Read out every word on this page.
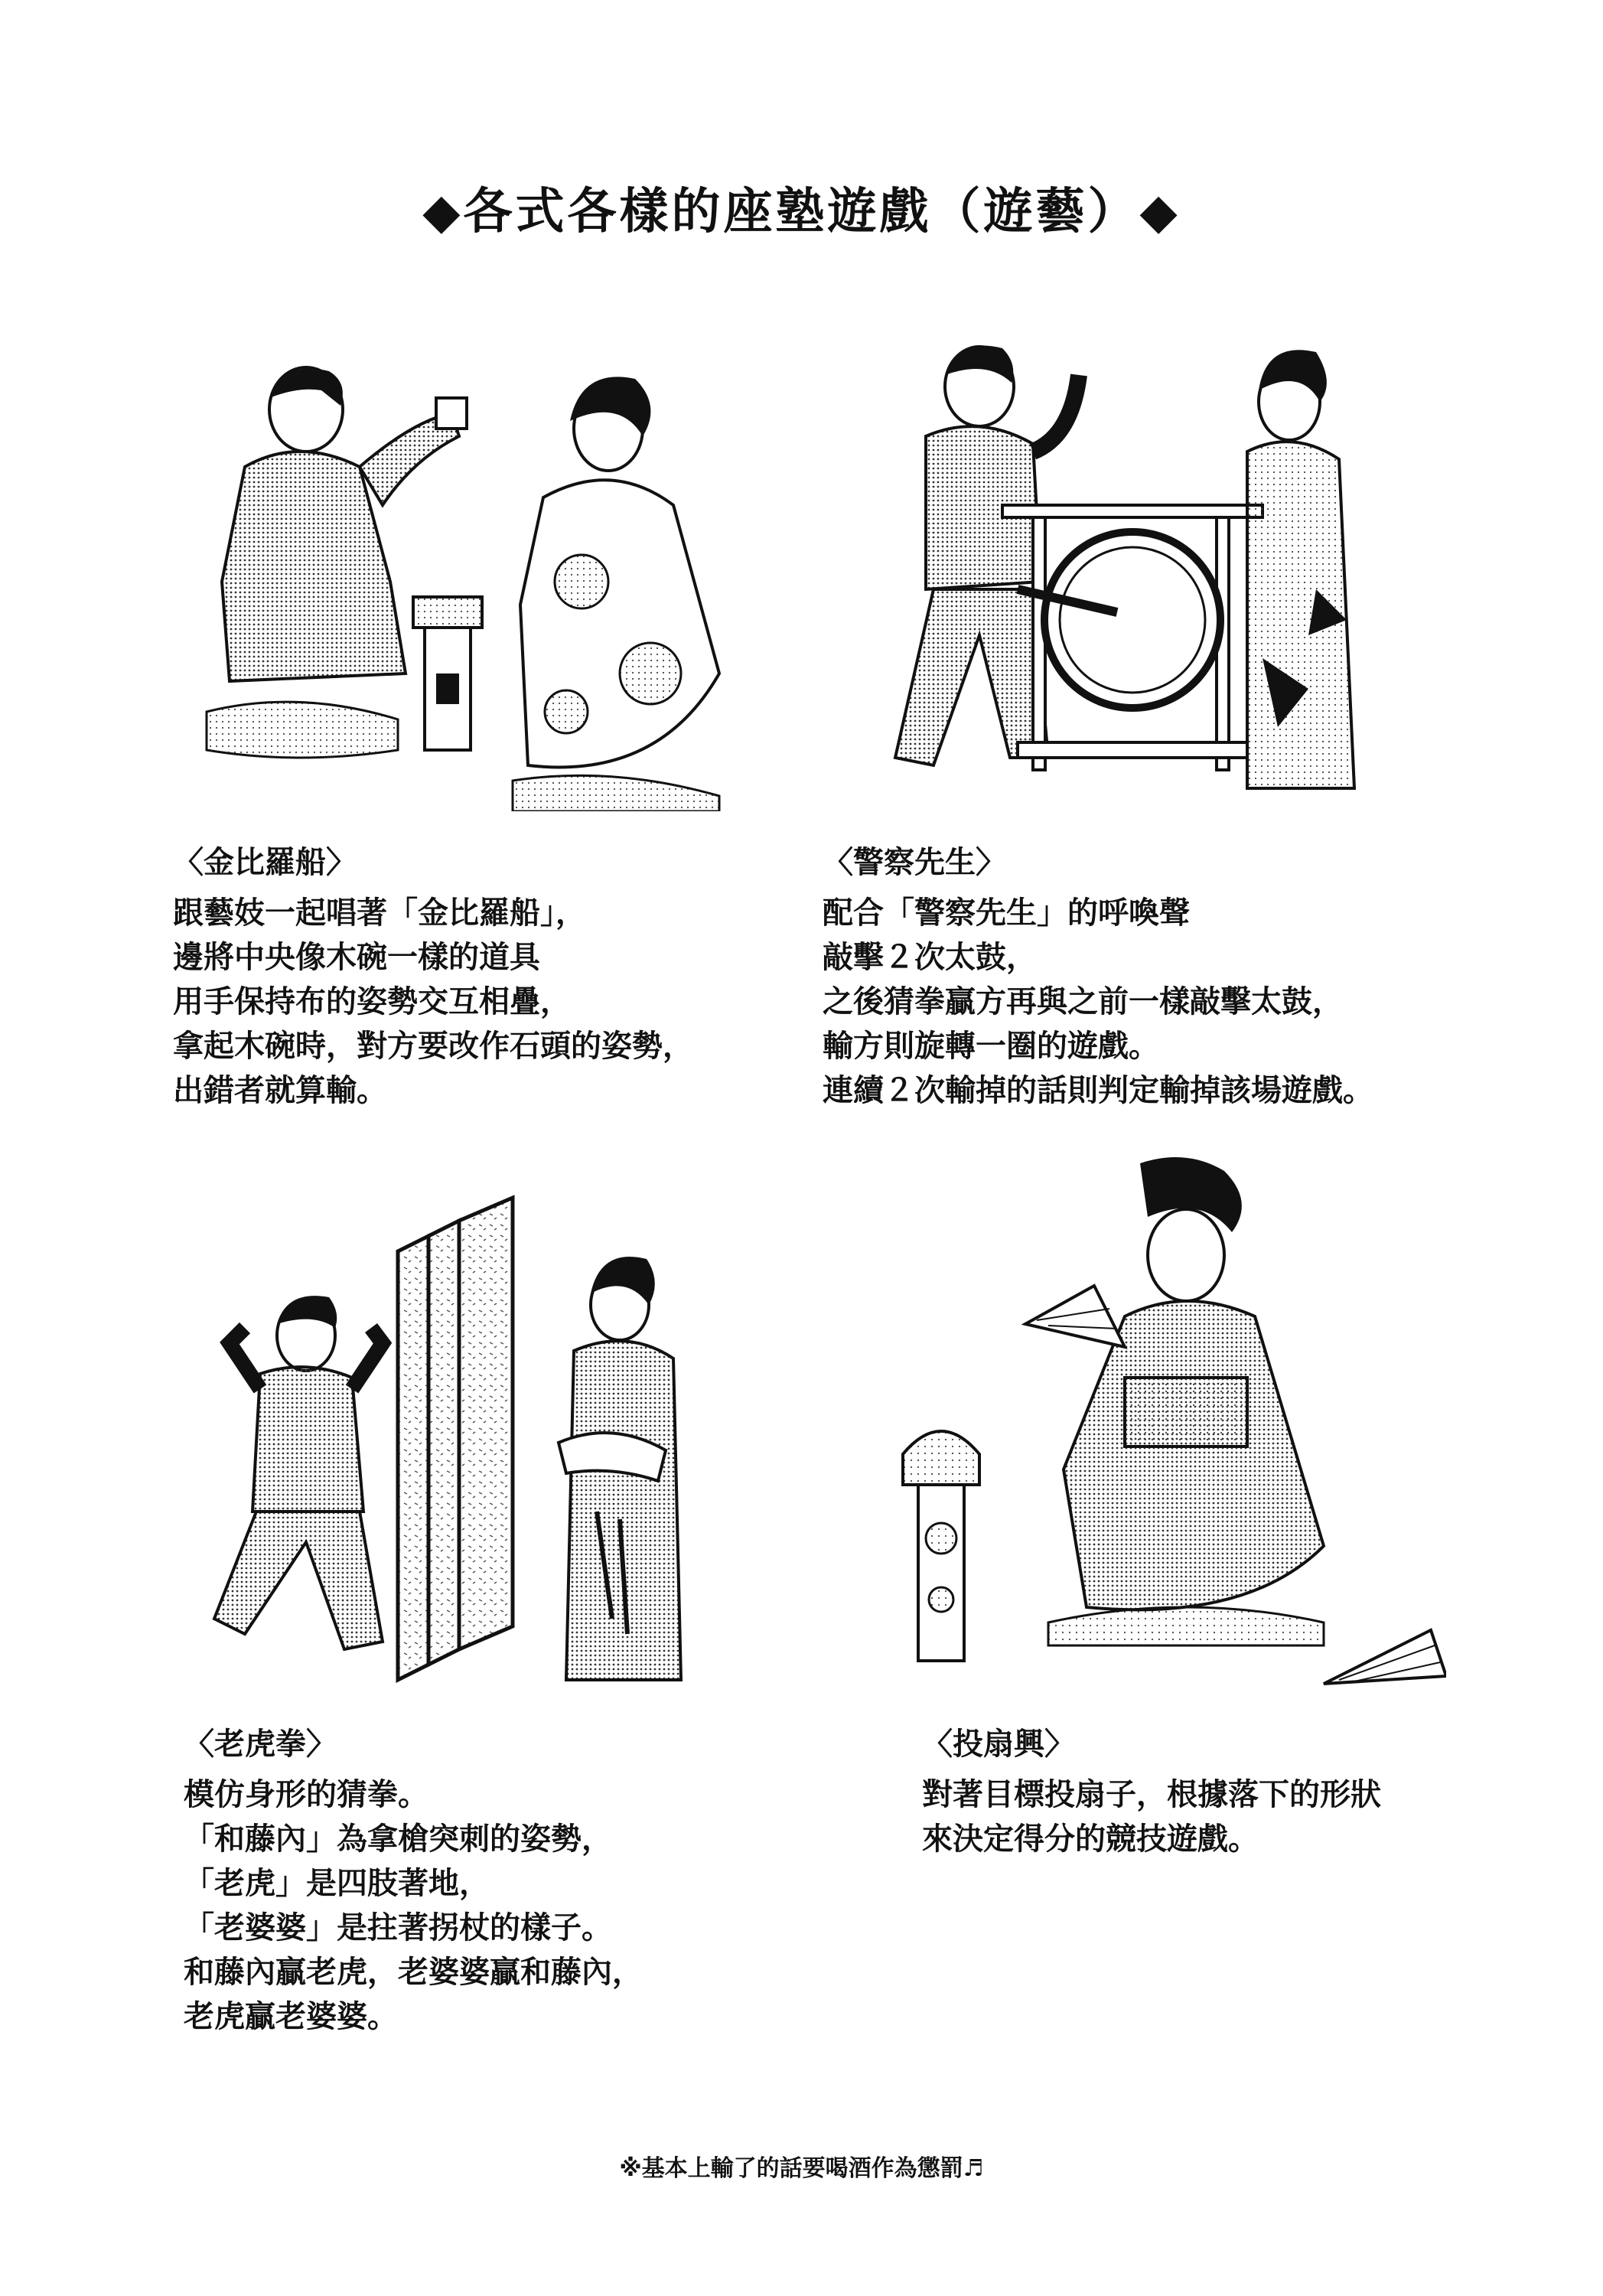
◆各式各樣的座塾遊戲（遊藝）◆
〈金比羅船〉
跟藝妓一起唱著「金比羅船」，
邊將中央像木碗一樣的道具
用手保持布的姿勢交互相疊，
拿起木碗時，對方要改作石頭的姿勢，
出錯者就算輸。
〈警察先生〉
配合「警察先生」的呼喚聲
敲擊２次太鼓，
之後猜拳贏方再與之前一樣敲擊太鼓，
輸方則旋轉一圈的遊戲。
連續２次輸掉的話則判定輸掉該場遊戲。
〈老虎拳〉
模仿身形的猜拳。
「和藤內」為拿槍突刺的姿勢，
「老虎」是四肢著地，
「老婆婆」是拄著拐杖的樣子。
和藤內贏老虎，老婆婆贏和藤內，
老虎贏老婆婆。
〈投扇興〉
對著目標投扇子，根據落下的形狀
來決定得分的競技遊戲。
※基本上輸了的話要喝酒作為懲罰♬
